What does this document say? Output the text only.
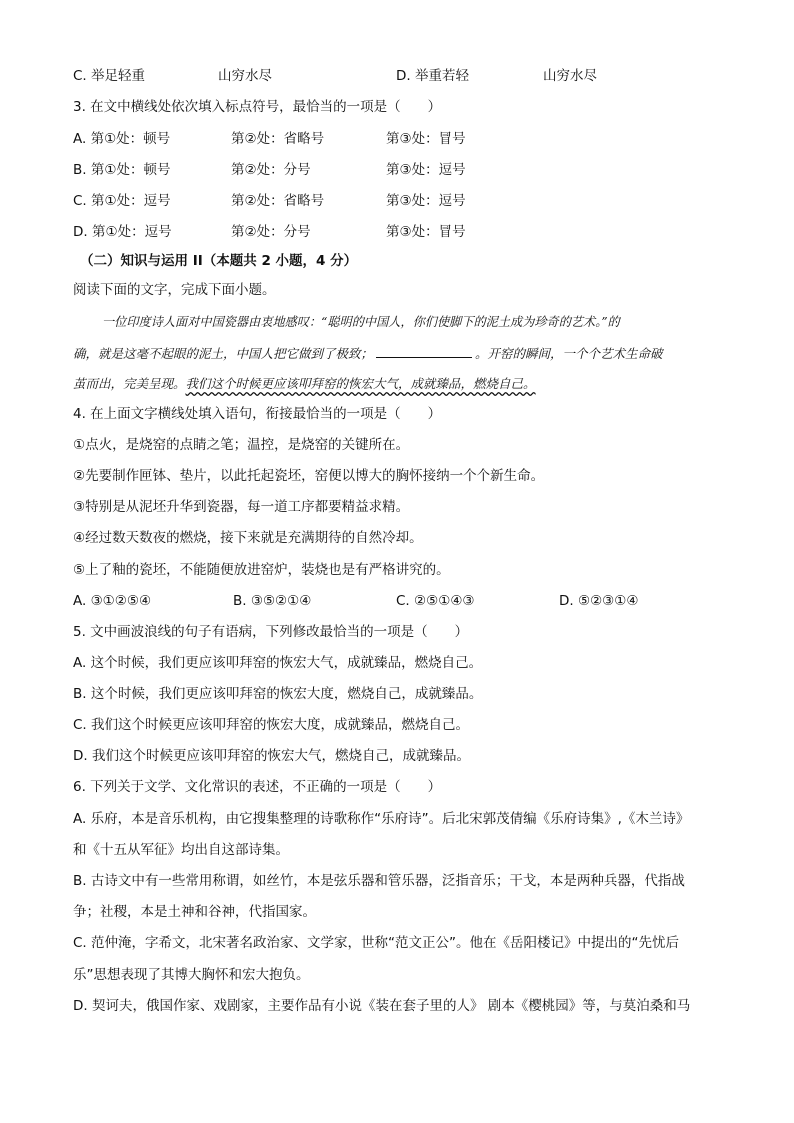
C. 举足轻重	山穷水尽	D. 举重若轻	山穷水尽
3. 在文中横线处依次填入标点符号，最恰当的一项是（　　）
A. 第①处：顿号	第②处：省略号	第③处：冒号
B. 第①处：顿号	第②处：分号	第③处：逗号
C. 第①处：逗号	第②处：省略号	第③处：逗号
D. 第①处：逗号	第②处：分号	第③处：冒号
（二）知识与运用 II（本题共 2 小题，4 分）
阅读下面的文字，完成下面小题。
一位印度诗人面对中国瓷器由衷地感叹：“聪明的中国人，你们使脚下的泥土成为珍奇的艺术。”的
确，就是这毫不起眼的泥土，中国人把它做到了极致；	。开窑的瞬间，一个个艺术生命破
茧而出，完美呈现。我们这个时候更应该叩拜窑的恢宏大气，成就臻品，燃烧自己。
4. 在上面文字横线处填入语句，衔接最恰当的一项是（　　）
①点火，是烧窑的点睛之笔；温控，是烧窑的关键所在。
②先要制作匣钵、垫片，以此托起瓷坯，窑便以博大的胸怀接纳一个个新生命。
③特别是从泥坯升华到瓷器，每一道工序都要精益求精。
④经过数天数夜的燃烧，接下来就是充满期待的自然冷却。
⑤上了釉的瓷坯，不能随便放进窑炉，装烧也是有严格讲究的。
A. ③①②⑤④	B. ③⑤②①④	C. ②⑤①④③	D. ⑤②③①④
5. 文中画波浪线的句子有语病，下列修改最恰当的一项是（　　）
A. 这个时候，我们更应该叩拜窑的恢宏大气，成就臻品，燃烧自己。
B. 这个时候，我们更应该叩拜窑的恢宏大度，燃烧自己，成就臻品。
C. 我们这个时候更应该叩拜窑的恢宏大度，成就臻品，燃烧自己。
D. 我们这个时候更应该叩拜窑的恢宏大气，燃烧自己，成就臻品。
6. 下列关于文学、文化常识的表述，不正确的一项是（　　）
A. 乐府，本是音乐机构，由它搜集整理的诗歌称作“乐府诗”。后北宋郭茂倩编《乐府诗集》,《木兰诗》
和《十五从军征》均出自这部诗集。
B. 古诗文中有一些常用称谓，如丝竹，本是弦乐器和管乐器，泛指音乐；干戈，本是两种兵器，代指战
争；社稷，本是土神和谷神，代指国家。
C. 范仲淹，字希文，北宋著名政治家、文学家，世称“范文正公”。他在《岳阳楼记》中提出的“先忧后
乐”思想表现了其博大胸怀和宏大抱负。
D. 契诃夫，俄国作家、戏剧家，主要作品有小说《装在套子里的人》 剧本《樱桃园》等，与莫泊桑和马
